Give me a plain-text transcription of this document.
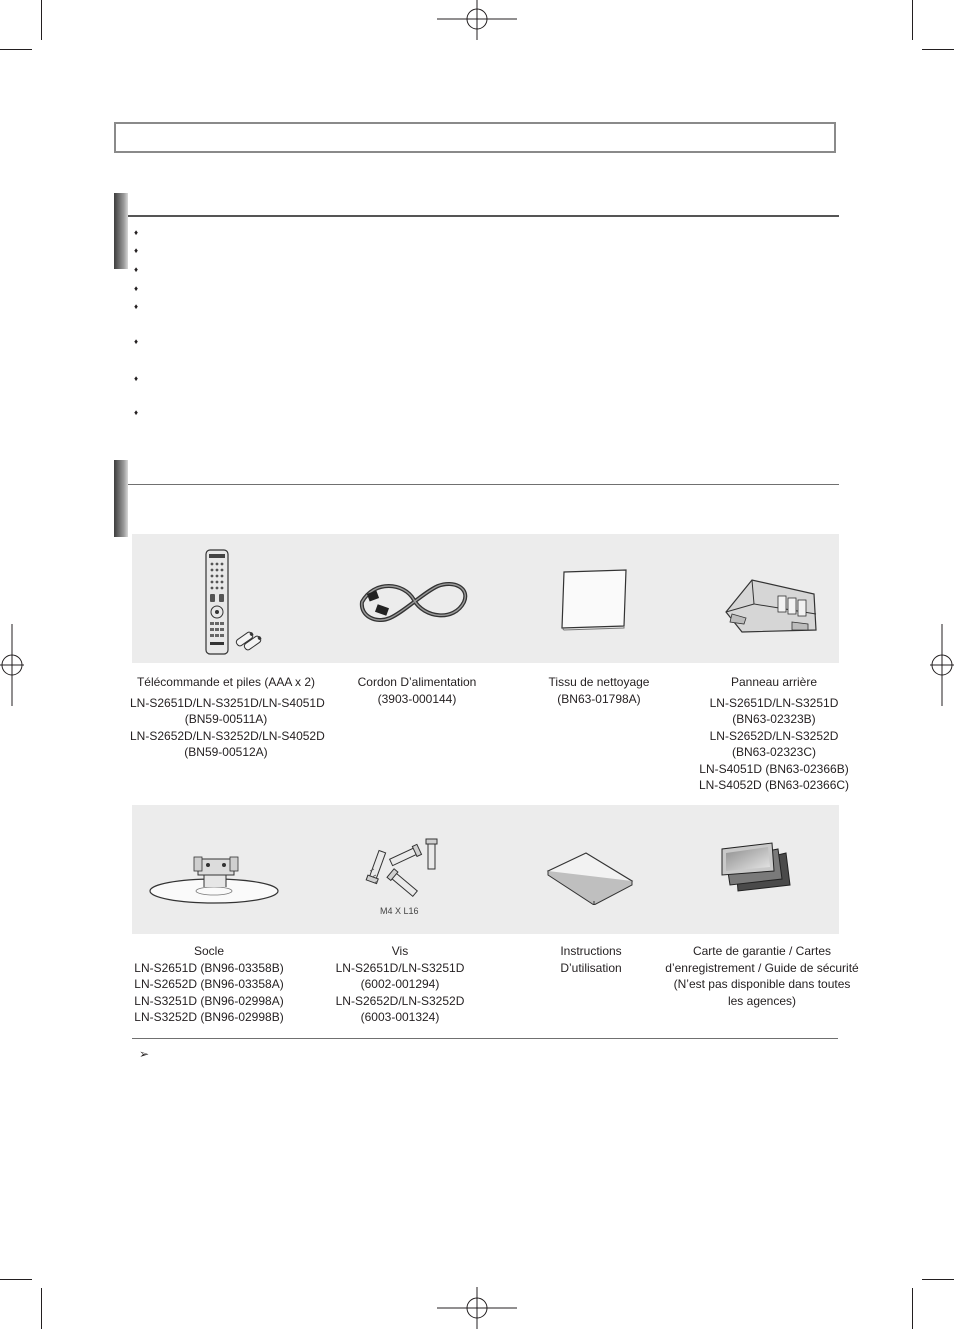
♦
♦
♦
♦
♦
♦
♦
♦
Télécommande et piles (AAA x 2)
LN-S2651D/LN-S3251D/LN-S4051D
(BN59-00511A)
LN-S2652D/LN-S3252D/LN-S4052D
(BN59-00512A)
Cordon D’alimentation
(3903-000144)
Tissu de nettoyage
(BN63-01798A)
Panneau arrière
LN-S2651D/LN-S3251D
(BN63-02323B)
LN-S2652D/LN-S3252D
(BN63-02323C)
LN-S4051D (BN63-02366B)
LN-S4052D (BN63-02366C)
M4 X L16
Socle
LN-S2651D (BN96-03358B)
LN-S2652D (BN96-03358A)
LN-S3251D (BN96-02998A)
LN-S3252D (BN96-02998B)
Vis
LN-S2651D/LN-S3251D
(6002-001294)
LN-S2652D/LN-S3252D
(6003-001324)
Instructions
D’utilisation
Carte de garantie / Cartes
d’enregistrement / Guide de sécurité
(N’est pas disponible dans toutes
les agences)
➢
